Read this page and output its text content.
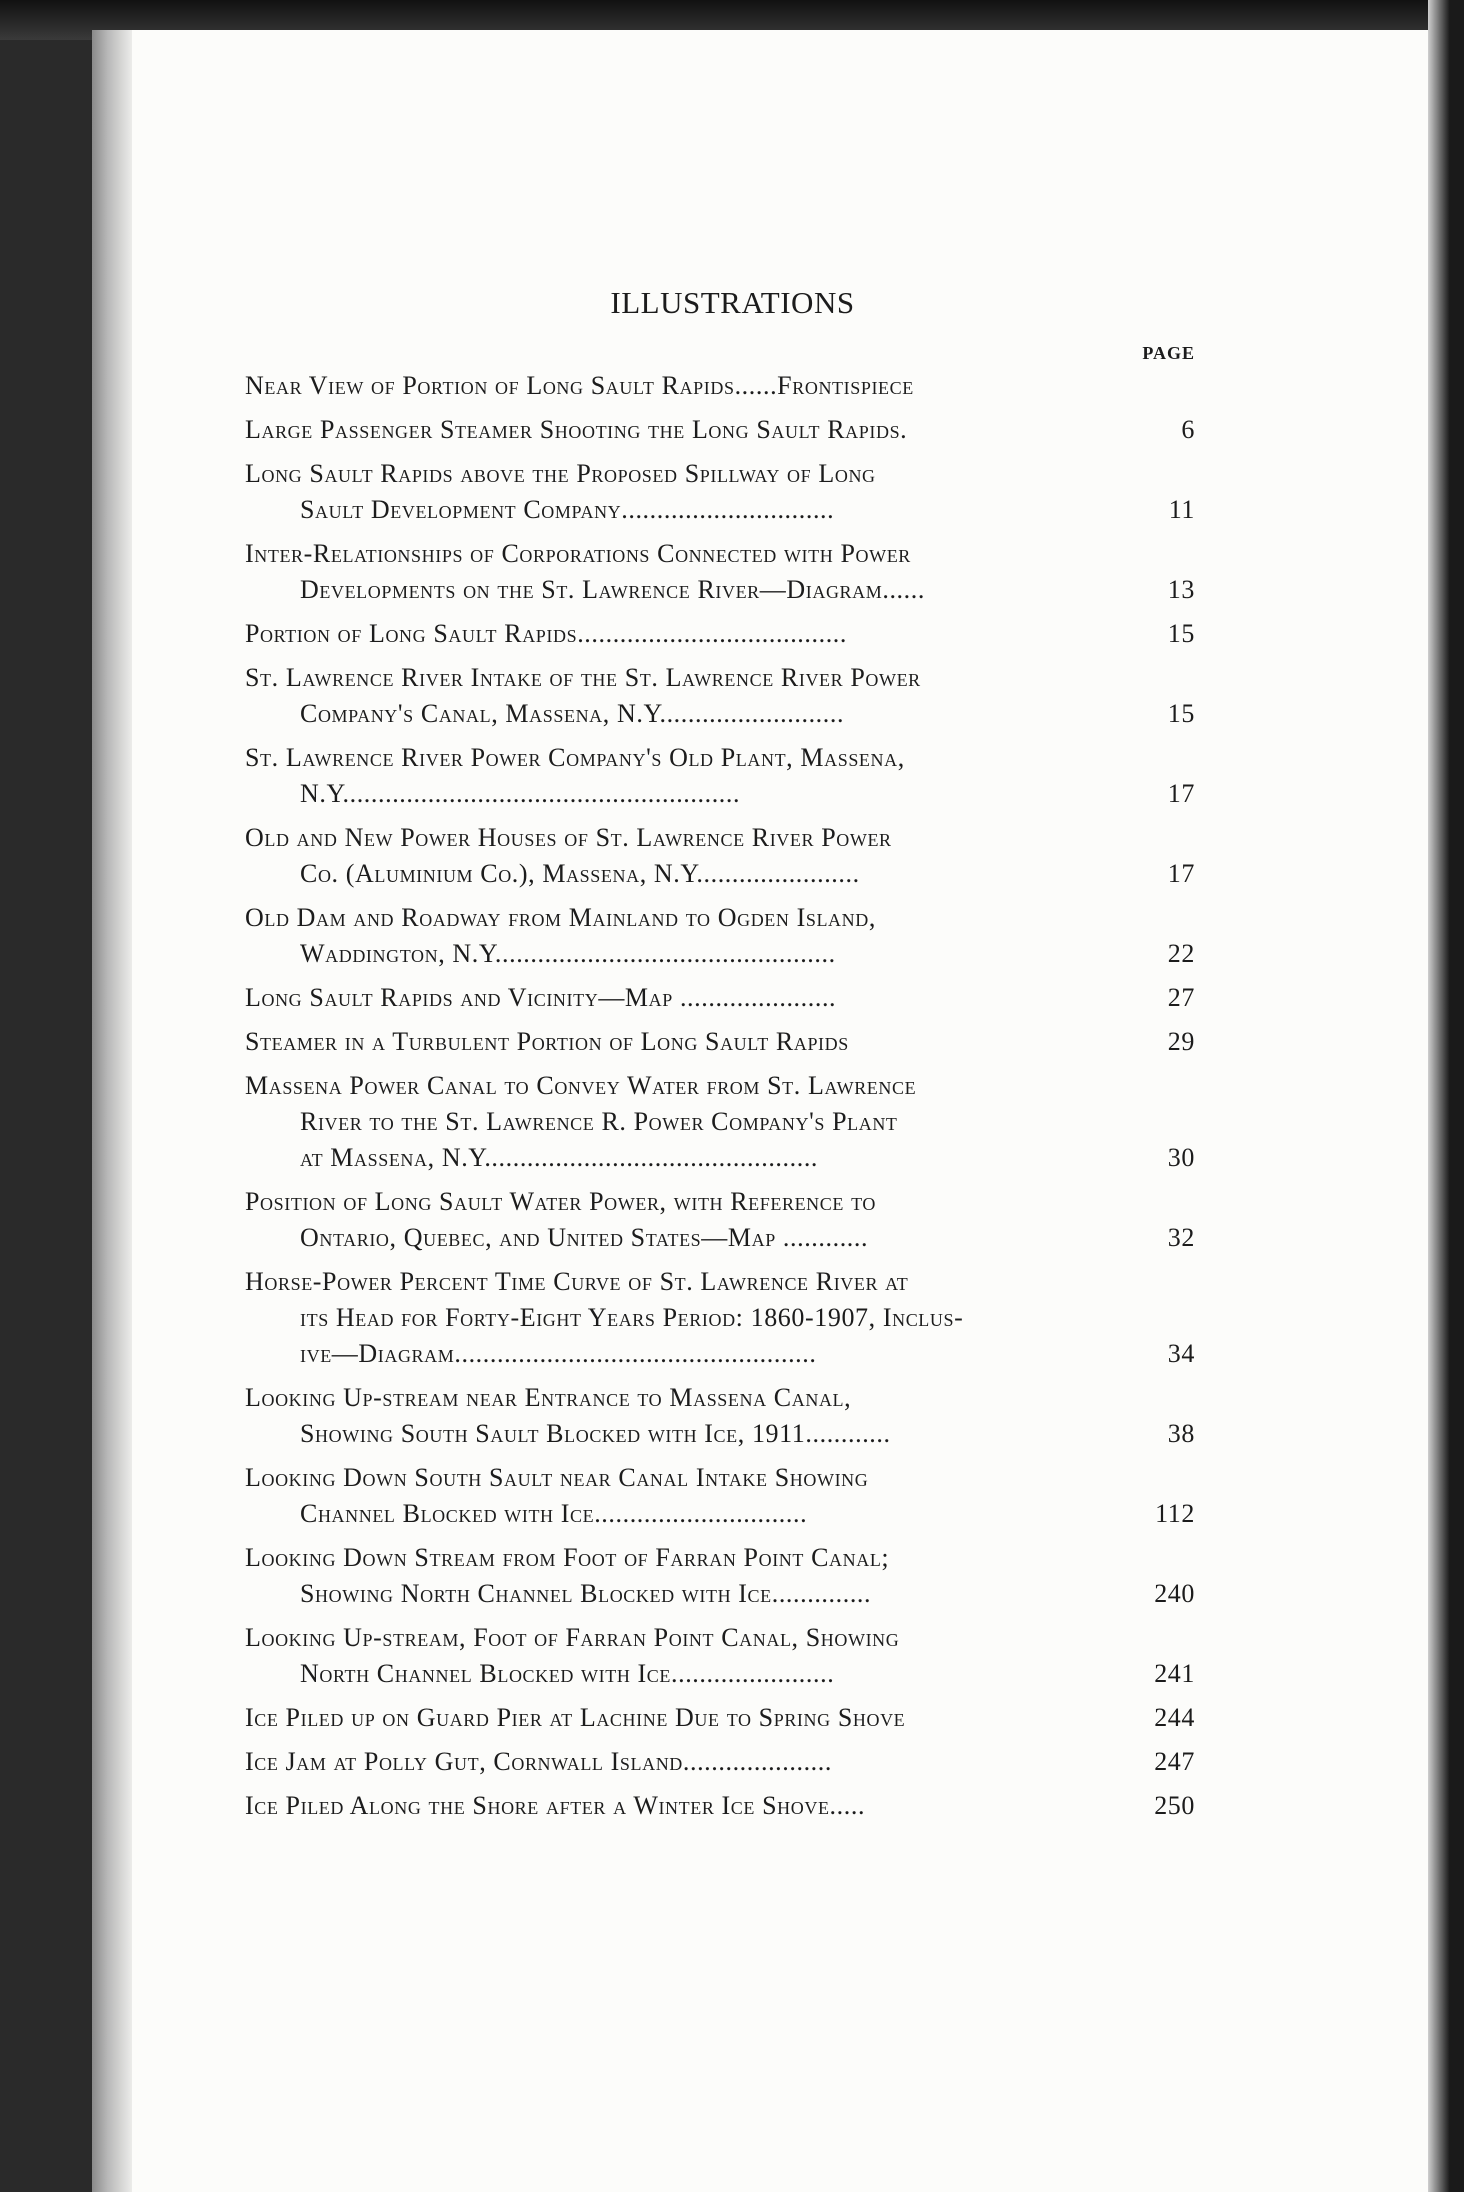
ILLUSTRATIONS
PAGE
Near View of Portion of Long Sault Rapids......Frontispiece
Large Passenger Steamer Shooting the Long Sault Rapids.	6
Long Sault Rapids above the Proposed Spillway of Long
Sault Development Company..............................	11
Inter-Relationships of Corporations Connected with Power
Developments on the St. Lawrence River—Diagram......	13
Portion of Long Sault Rapids......................................	15
St. Lawrence River Intake of the St. Lawrence River Power
Company's Canal, Massena, N.Y..........................	15
St. Lawrence River Power Company's Old Plant, Massena,
N.Y........................................................	17
Old and New Power Houses of St. Lawrence River Power
Co. (Aluminium Co.), Massena, N.Y.......................	17
Old Dam and Roadway from Mainland to Ogden Island,
Waddington, N.Y................................................	22
Long Sault Rapids and Vicinity—Map ......................	27
Steamer in a Turbulent Portion of Long Sault Rapids	29
Massena Power Canal to Convey Water from St. Lawrence
River to the St. Lawrence R. Power Company's Plant
at Massena, N.Y...............................................	30
Position of Long Sault Water Power, with Reference to
Ontario, Quebec, and United States—Map ............	32
Horse-Power Percent Time Curve of St. Lawrence River at
its Head for Forty-Eight Years Period: 1860-1907, Inclus-
ive—Diagram...................................................	34
Looking Up-stream near Entrance to Massena Canal,
Showing South Sault Blocked with Ice, 1911............	38
Looking Down South Sault near Canal Intake Showing
Channel Blocked with Ice..............................	112
Looking Down Stream from Foot of Farran Point Canal;
Showing North Channel Blocked with Ice..............	240
Looking Up-stream, Foot of Farran Point Canal, Showing
North Channel Blocked with Ice.......................	241
Ice Piled up on Guard Pier at Lachine Due to Spring Shove	244
Ice Jam at Polly Gut, Cornwall Island.....................	247
Ice Piled Along the Shore after a Winter Ice Shove.....	250
